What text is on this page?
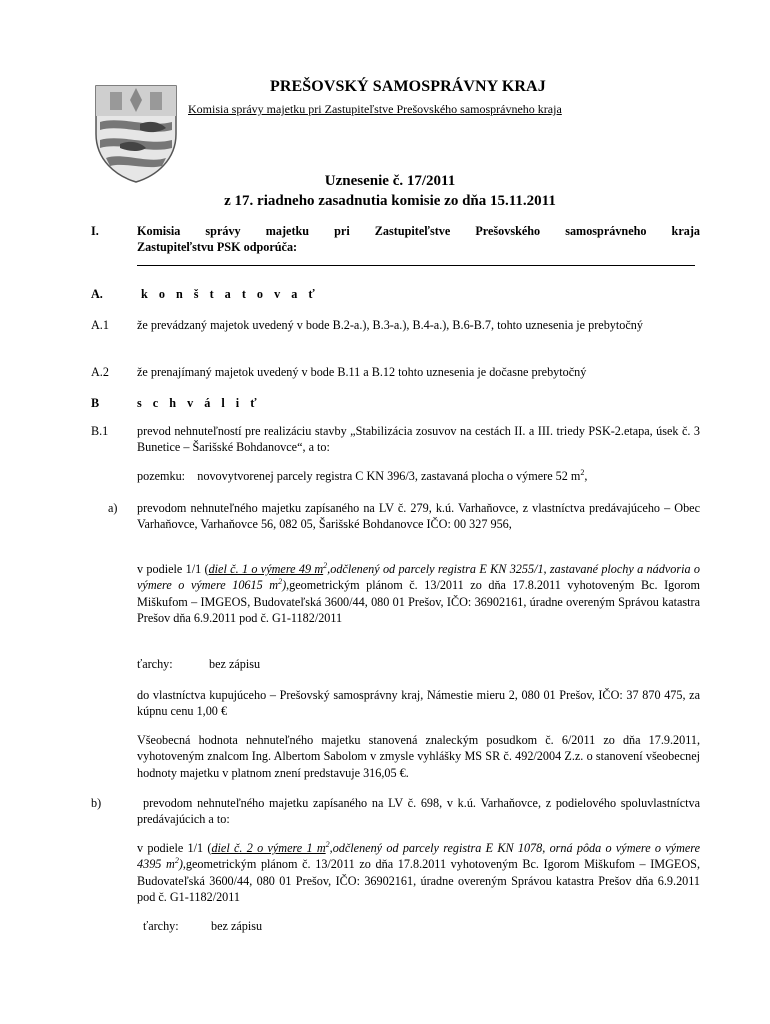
PREŠOVSKÝ SAMOSPRÁVNY KRAJ
Komisia správy majetku pri Zastupiteľstve Prešovského samosprávneho kraja
Uznesenie č. 17/2011
z 17. riadneho zasadnutia komisie zo dňa 15.11.2011
I.	Komisia správy majetku pri Zastupiteľstve Prešovského samosprávneho kraja
Zastupiteľstvu PSK odporúča:
A.	k o n š t a t o v a ť
A.1 že prevádzaný majetok uvedený v bode B.2-a.), B.3-a.), B.4-a.), B.6-B.7, tohto uznesenia je prebytočný
A.2 že prenajímaný majetok uvedený v bode B.11 a B.12 tohto uznesenia je dočasne prebytočný
B	s c h v á l i ť
B.1 prevod nehnuteľností pre realizáciu stavby „Stabilizácia zosuvov na cestách II. a III. triedy PSK-2.etapa, úsek č. 3 Bunetice – Šarišské Bohdanovce“, a to:
pozemku: novovytvorenej parcely registra C KN 396/3, zastavaná plocha o výmere 52 $m^2$,
a) prevodom nehnuteľného majetku zapísaného na LV č. 279, k.ú. Varhaňovce, z vlastníctva predávajúceho – Obec Varhaňovce, Varhaňovce 56, 082 05, Šarišské Bohdanovce IČO: 00 327 956,
v podiele 1/1 (diel č. 1 o výmere 49 $m^2,odčlenený$ od parcely registra E KN 3255/1, zastavané plochy a nádvoria o výmere o výmere 10615 $m^2),geometrickým$ plánom č. 13/2011 zo dňa 17.8.2011 vyhotoveným Bc. Igorom Miškufom – IMGEOS, Budovateľská 3600/44, 080 01 Prešov, IČO: 36902161, úradne overeným Správou katastra Prešov dňa 6.9.2011 pod č. G1-1182/2011
ťarchy:	bez zápisu
do vlastníctva kupujúceho – Prešovský samosprávny kraj, Námestie mieru 2, 080 01 Prešov, IČO: 37 870 475, za kúpnu cenu 1,00 €
Všeobecná hodnota nehnuteľného majetku stanovená znaleckým posudkom č. 6/2011 zo dňa 17.9.2011, vyhotoveným znalcom Ing. Albertom Sabolom v zmysle vyhlášky MS SR č. 492/2004 Z.z. o stanovení všeobecnej hodnoty majetku v platnom znení predstavuje 316,05 €.
b)	prevodom nehnuteľného majetku zapísaného na LV č. 698, v k.ú. Varhaňovce, z podielového spoluvlastníctva predávajúcich a to:
v podiele 1/1 (diel č. 2 o výmere 1 $m^2,odčlenený$ od parcely registra E KN 1078, orná pôda o výmere o výmere 4395 $m^2),geometrickým$ plánom č. 13/2011 zo dňa 17.8.2011 vyhotoveným Bc. Igorom Miškufom – IMGEOS, Budovateľská 3600/44, 080 01 Prešov, IČO: 36902161, úradne overeným Správou katastra Prešov dňa 6.9.2011 pod č. G1-1182/2011
ťarchy:	bez zápisu
